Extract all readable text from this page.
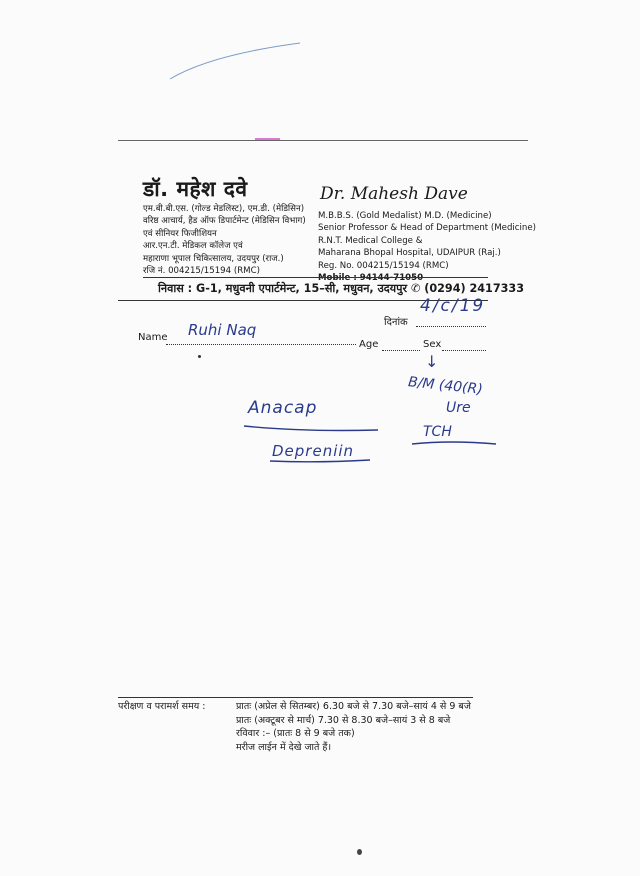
डॉ. महेश दवे	Dr. Mahesh Dave
एम.बी.बी.एस. (गोल्ड मेडलिस्ट), एम.डी. (मेडिसिन)
वरिष्ठ आचार्य, हैड ऑफ डिपार्टमेन्ट (मेडिसिन विभाग)
एवं सीनियर फिजीशियन
आर.एन.टी. मेडिकल कॉलेज एवं
महाराणा भूपाल चिकित्सालय, उदयपुर (राज.)
रजि नं. 004215/15194 (RMC)
M.B.B.S. (Gold Medalist) M.D. (Medicine)
Senior Professor & Head of Department (Medicine)
R.N.T. Medical College &
Maharana Bhopal Hospital, UDAIPUR (Raj.)
Reg. No. 004215/15194 (RMC)
Mobile : 94144-71050
निवास : G-1, मधुवनी एपार्टमेन्ट, 15–सी, मधुवन, उदयपुर ✆ (0294) 2417333
दिनांक
4/c/19
Name Ruhi Naq
Age	Sex
↓
B/M (40(R)
Ure
TCH
Anacap
Depreniin
परीक्षण व परामर्श समय :	प्रातः (अप्रेल से सितम्बर) 6.30 बजे से 7.30 बजे–सायं 4 से 9 बजे
प्रातः (अक्टूबर से मार्च) 7.30 से 8.30 बजे–सायं 3 से 8 बजे
रविवार :– (प्रातः 8 से 9 बजे तक)
मरीज लाईन में देखे जाते हैं।
